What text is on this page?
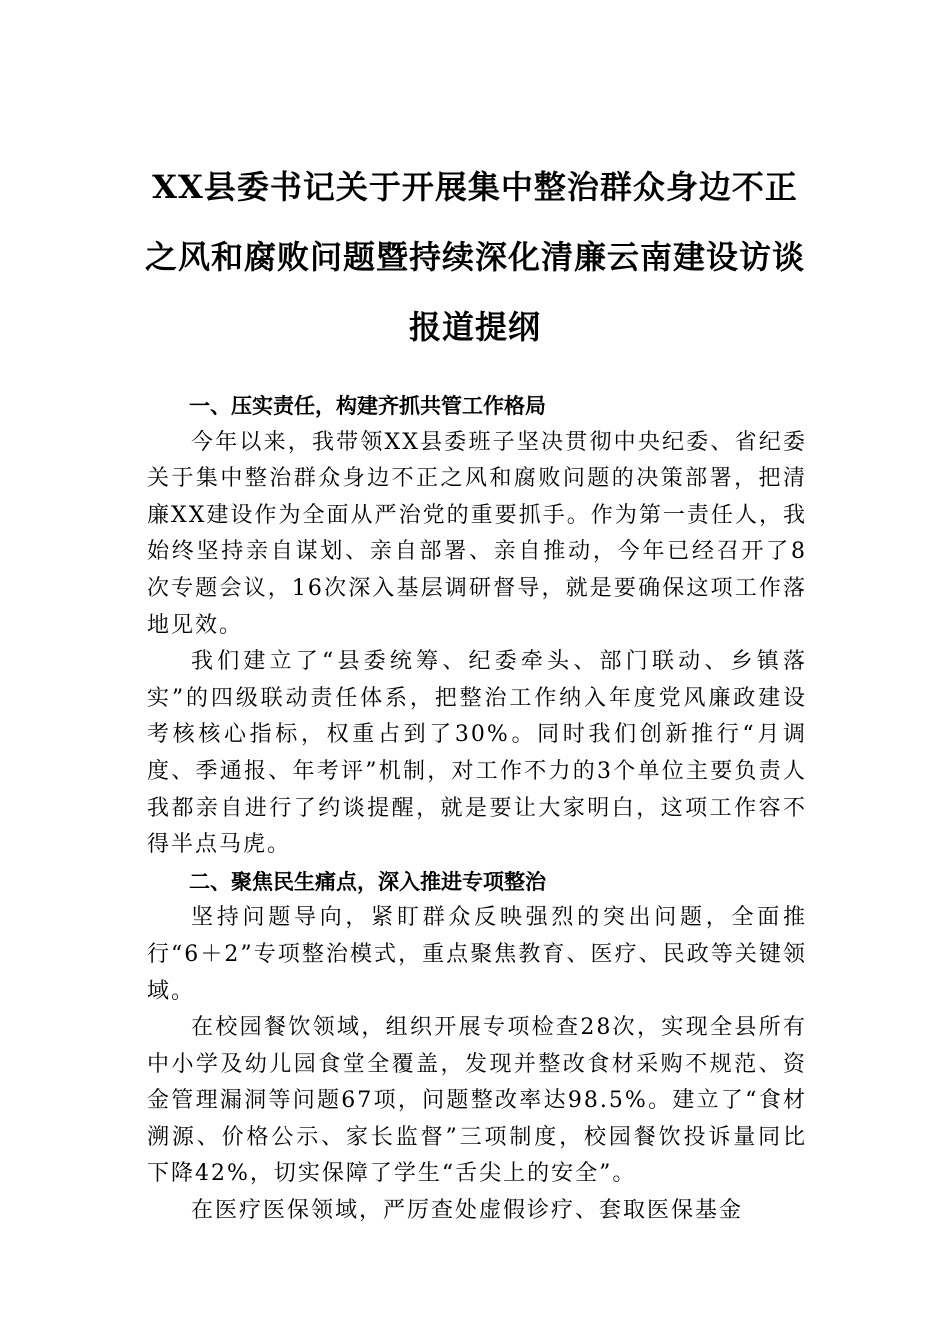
XX县委书记关于开展集中整治群众身边不正之风和腐败问题暨持续深化清廉云南建设访谈报道提纲
一、压实责任，构建齐抓共管工作格局

今年以来，我带领XX县委班子坚决贯彻中央纪委、省纪委关于集中整治群众身边不正之风和腐败问题的决策部署，把清廉XX建设作为全面从严治党的重要抓手。作为第一责任人，我始终坚持亲自谋划、亲自部署、亲自推动，今年已经召开了8次专题会议，16次深入基层调研督导，就是要确保这项工作落地见效。

我们建立了“县委统筹、纪委牵头、部门联动、乡镇落实”的四级联动责任体系，把整治工作纳入年度党风廉政建设考核核心指标，权重占到了30%。同时我们创新推行“月调度、季通报、年考评”机制，对工作不力的3个单位主要负责人我都亲自进行了约谈提醒，就是要让大家明白，这项工作容不得半点马虎。

二、聚焦民生痛点，深入推进专项整治

坚持问题导向，紧盯群众反映强烈的突出问题，全面推行“6＋2”专项整治模式，重点聚焦教育、医疗、民政等关键领域。

在校园餐饮领域，组织开展专项检查28次，实现全县所有中小学及幼儿园食堂全覆盖，发现并整改食材采购不规范、资金管理漏洞等问题67项，问题整改率达98.5%。建立了“食材溯源、价格公示、家长监督”三项制度，校园餐饮投诉量同比下降42%，切实保障了学生“舌尖上的安全”。

在医疗医保领域，严厉查处虚假诊疗、套取医保基金
